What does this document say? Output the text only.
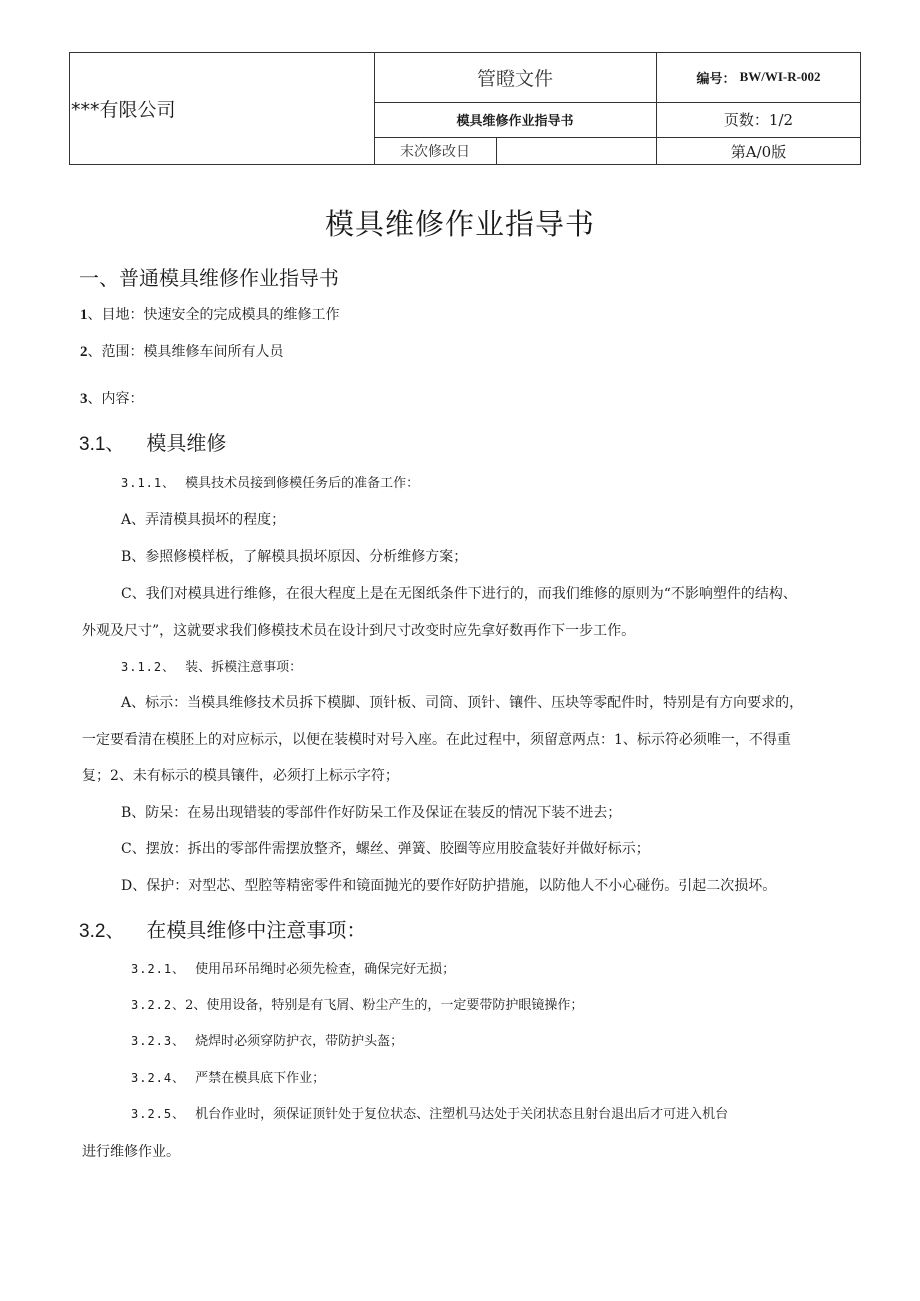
***有限公司
管瞪文件	编号： BW/WI-R-002
模具维修作业指导书	页数：1/2
末次修改日	第A/0版
模具维修作业指导书
一、普通模具维修作业指导书
1、目地：快速安全的完成模具的维修工作
2、范围：模具维修车间所有人员
3、内容：
3.1、 模具维修
3.1.1、 模具技术员接到修模任务后的准备工作：
A、弄清模具损坏的程度；
B、参照修模样板，了解模具损坏原因、分析维修方案；
C、我们对模具进行维修，在很大程度上是在无图纸条件下进行的，而我们维修的原则为“不影响塑件的结构、
外观及尺寸”，这就要求我们修模技术员在设计到尺寸改变时应先拿好数再作下一步工作。
3.1.2、 装、拆模注意事项：
A、标示：当模具维修技术员拆下模脚、顶针板、司筒、顶针、镶件、压块等零配件时，特别是有方向要求的，
一定要看清在模胚上的对应标示，以便在装模时对号入座。在此过程中，须留意两点：1、标示符必须唯一，不得重
复；2、未有标示的模具镶件，必须打上标示字符；
B、防呆：在易出现错装的零部件作好防呆工作及保证在装反的情况下装不进去；
C、摆放：拆出的零部件需摆放整齐，螺丝、弹簧、胶圈等应用胶盒装好并做好标示；
D、保护：对型芯、型腔等精密零件和镜面抛光的要作好防护措施，以防他人不小心碰伤。引起二次损坏。
3.2、 在模具维修中注意事项：
3.2.1、 使用吊环吊绳时必须先检查，确保完好无损；
3.2.2、2、使用设备，特别是有飞屑、粉尘产生的，一定要带防护眼镜操作；
3.2.3、 烧焊时必须穿防护衣，带防护头盔；
3.2.4、 严禁在模具底下作业；
3.2.5、 机台作业时，须保证顶针处于复位状态、注塑机马达处于关闭状态且射台退出后才可进入机台
进行维修作业。
